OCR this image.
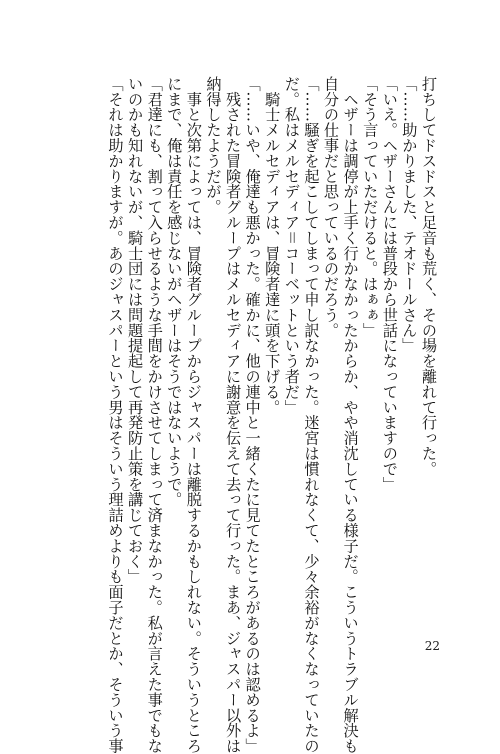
打ちしてドスドスと足音も荒く、その場を離れて行った。
「……助かりました、テオドールさん」
「いえ。ヘザーさんには普段から世話になっていますので」
「そう言っていただけると。はぁぁ」
　ヘザーは調停が上手く行かなかったからか、やや消沈している様子だ。こういうトラブル解決も
自分の仕事だと思っているのだろう。
「……騒ぎを起こしてしまって申し訳なかった。迷宮は慣れなくて、少々余裕がなくなっていたの
だ。私はメルセディア＝コーベットという者だ」
　騎士メルセディアは、冒険者達に頭を下げる。
「……いや、俺達も悪かった。確かに、他の連中と一緒くたに見てたところがあるのは認めるよ」
　残された冒険者グループはメルセディアに謝意を伝えて去って行った。まあ、ジャスパー以外は
納得したようだが。
　事と次第によっては、冒険者グループからジャスパーは離脱するかもしれない。そういうところ
にまで、俺は責任を感じないがヘザーはそうではないようで。
「君達にも、割って入らせるような手間をかけさせてしまって済まなかった。私が言えた事でもな
いのかも知れないが、騎士団には問題提起して再発防止策を講じておく」
「それは助かりますが。あのジャスパーという男はそういう理詰めよりも面子だとか、そういう事	22
